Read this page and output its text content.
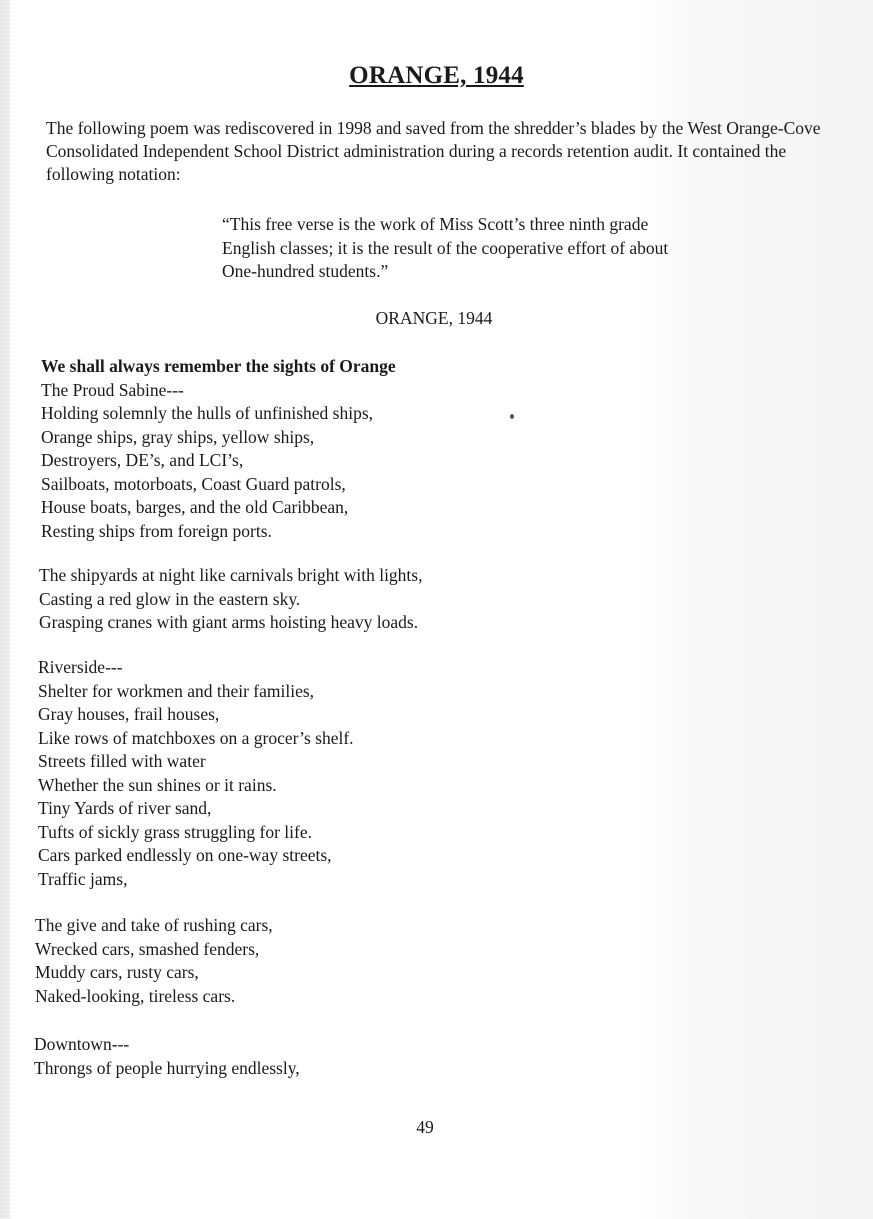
ORANGE, 1944

The following poem was rediscovered in 1998 and saved from the shredder’s blades by the West Orange-Cove Consolidated Independent School District administration during a records retention audit. It contained the following notation:

“This free verse is the work of Miss Scott’s three ninth grade
English classes; it is the result of the cooperative effort of about
One-hundred students.”

ORANGE, 1944

We shall always remember the sights of Orange
The Proud Sabine---
Holding solemnly the hulls of unfinished ships,
Orange ships, gray ships, yellow ships,
Destroyers, DE’s, and LCI’s,
Sailboats, motorboats, Coast Guard patrols,
House boats, barges, and the old Caribbean,
Resting ships from foreign ports.
The shipyards at night like carnivals bright with lights,
Casting a red glow in the eastern sky.
Grasping cranes with giant arms hoisting heavy loads.
Riverside---
Shelter for workmen and their families,
Gray houses, frail houses,
Like rows of matchboxes on a grocer’s shelf.
Streets filled with water
Whether the sun shines or it rains.
Tiny Yards of river sand,
Tufts of sickly grass struggling for life.
Cars parked endlessly on one-way streets,
Traffic jams,
The give and take of rushing cars,
Wrecked cars, smashed fenders,
Muddy cars, rusty cars,
Naked-looking, tireless cars.
Downtown---
Throngs of people hurrying endlessly,

49
